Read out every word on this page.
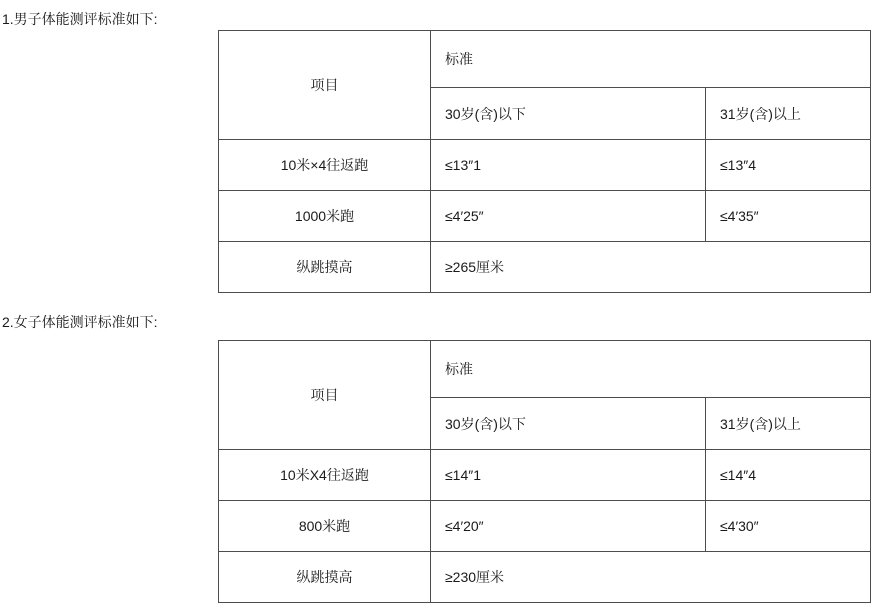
1.男子体能测评标准如下:
项目	标准	
	30岁(含)以下	31岁(含)以上
10米×4往返跑	≤13″1	≤13″4
1000米跑	≤4′25″	≤4′35″
纵跳摸高	≥265厘米	
2.女子体能测评标准如下:
项目	标准	
	30岁(含)以下	31岁(含)以上
10米X4往返跑	≤14″1	≤14″4
800米跑	≤4′20″	≤4′30″
纵跳摸高	≥230厘米	
